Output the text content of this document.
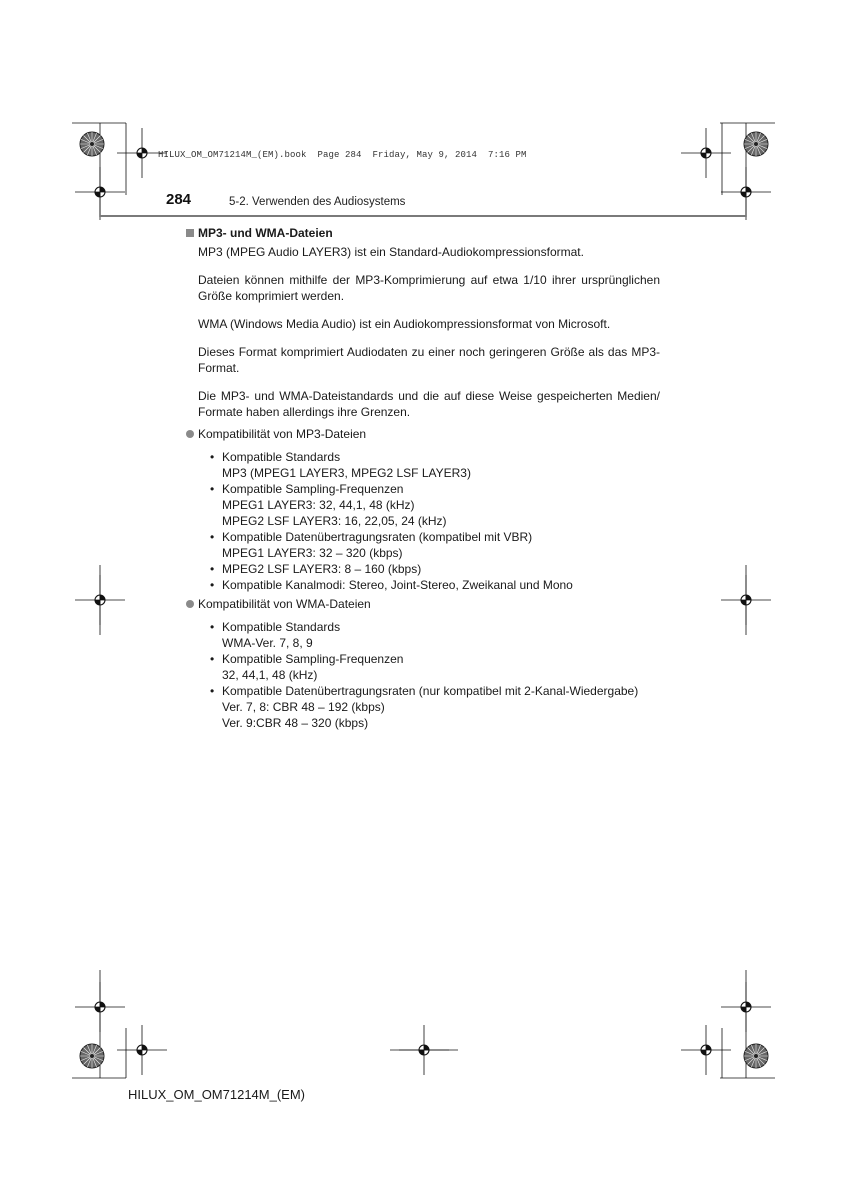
HILUX_OM_OM71214M_(EM).book  Page 284  Friday, May 9, 2014  7:16 PM
284	5-2. Verwenden des Audiosystems
MP3- und WMA-Dateien

MP3 (MPEG Audio LAYER3) ist ein Standard-Audiokompressionsformat.

Dateien können mithilfe der MP3-Komprimierung auf etwa 1/10 ihrer ursprünglichen Größe komprimiert werden.

WMA (Windows Media Audio) ist ein Audiokompressionsformat von Microsoft.

Dieses Format komprimiert Audiodaten zu einer noch geringeren Größe als das MP3-Format.

Die MP3- und WMA-Dateistandards und die auf diese Weise gespeicherten Medien/ Formate haben allerdings ihre Grenzen.

Kompatibilität von MP3-Dateien
• Kompatible Standards
MP3 (MPEG1 LAYER3, MPEG2 LSF LAYER3)
• Kompatible Sampling-Frequenzen
MPEG1 LAYER3: 32, 44,1, 48 (kHz)
MPEG2 LSF LAYER3: 16, 22,05, 24 (kHz)
• Kompatible Datenübertragungsraten (kompatibel mit VBR)
MPEG1 LAYER3: 32 – 320 (kbps)
• MPEG2 LSF LAYER3: 8 – 160 (kbps)
• Kompatible Kanalmodi: Stereo, Joint-Stereo, Zweikanal und Mono
Kompatibilität von WMA-Dateien
• Kompatible Standards
WMA-Ver. 7, 8, 9
• Kompatible Sampling-Frequenzen
32, 44,1, 48 (kHz)
• Kompatible Datenübertragungsraten (nur kompatibel mit 2-Kanal-Wiedergabe)
Ver. 7, 8: CBR 48 – 192 (kbps)
Ver. 9:CBR 48 – 320 (kbps)
HILUX_OM_OM71214M_(EM)
